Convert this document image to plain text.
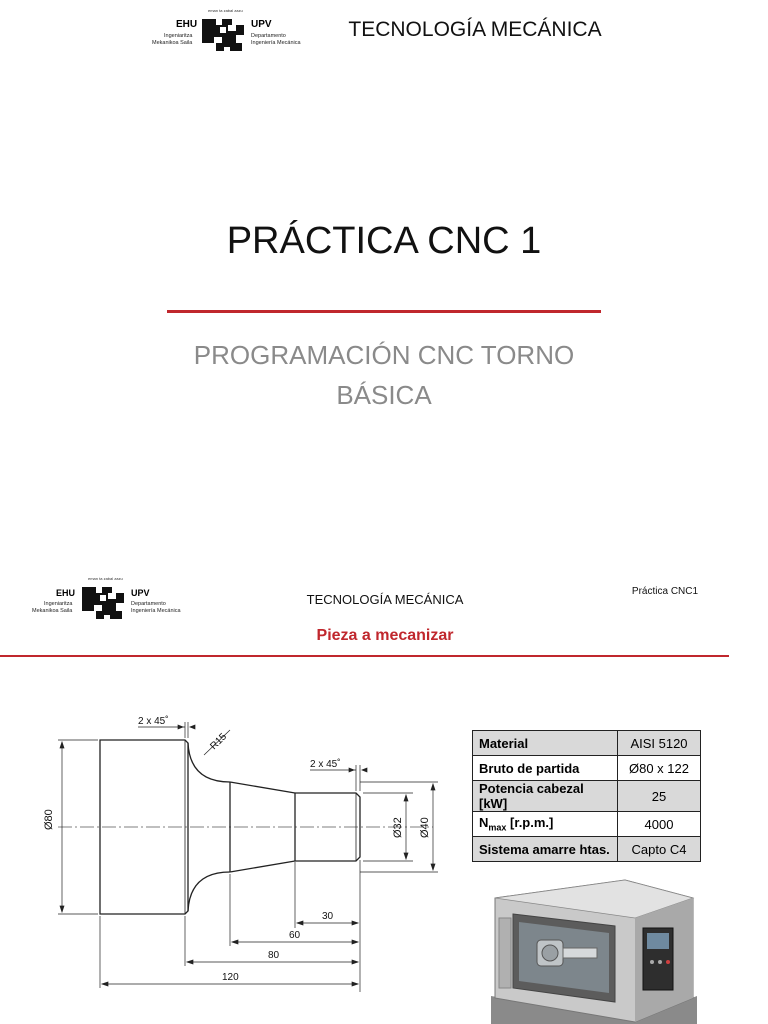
eman ta zabal zazu
EHU
Ingeniaritza
Mekanikoa Saila
UPV
Departamento
Ingeniería Mecánica
TECNOLOGÍA MECÁNICA
PRÁCTICA CNC 1
PROGRAMACIÓN CNC TORNO
BÁSICA
eman ta zabal zazu
EHU
Ingeniaritza
Mekanikoa Saila
UPV
Departamento
Ingeniería Mecánica
TECNOLOGÍA MECÁNICA
Práctica CNC1
Pieza a mecanizar
Ø80	Ø32 Ø40
2 x 45˚
2 x 45˚
R15
30
60
80
120
Material	AISI 5120
Bruto de partida	Ø80 x 122
Potencia cabezal [kW]	25
$N_{max}$ [r.p.m.]	4000
Sistema amarre htas.	Capto C4
